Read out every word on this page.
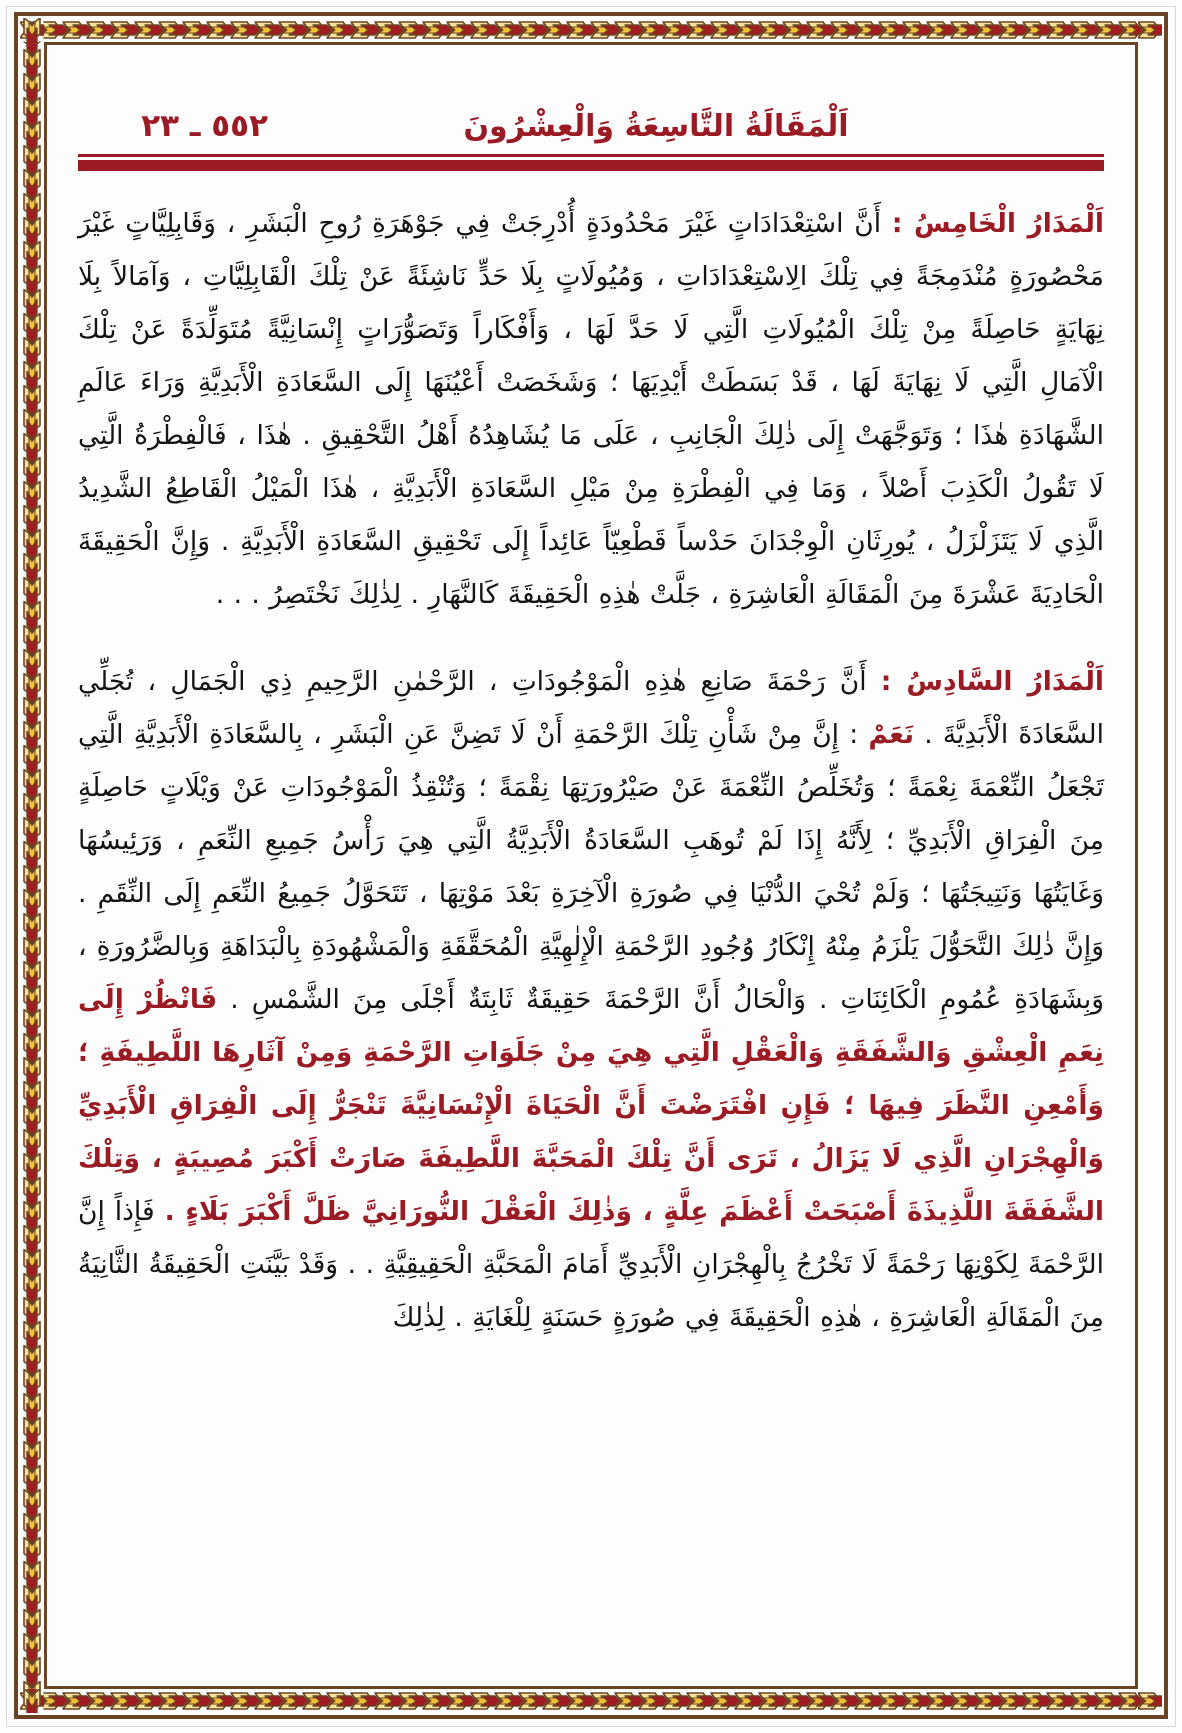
٥٥٢ ـ ٢٣	اَلْمَقَالَةُ التَّاسِعَةُ وَالْعِشْرُونَ

اَلْمَدَارُ الْخَامِسُ : أَنَّ اسْتِعْدَادَاتٍ غَيْرَ مَحْدُودَةٍ أُدْرِجَتْ فِي جَوْهَرَةِ رُوحِ الْبَشَرِ ، وَقَابِلِيَّاتٍ غَيْرَ مَحْصُورَةٍ مُنْدَمِجَةً فِي تِلْكَ الِاسْتِعْدَادَاتِ ، وَمُيُولَاتٍ بِلَا حَدٍّ نَاشِئَةً عَنْ تِلْكَ الْقَابِلِيَّاتِ ، وَآمَالاً بِلَا نِهَايَةٍ حَاصِلَةً مِنْ تِلْكَ الْمُيُولَاتِ الَّتِي لَا حَدَّ لَهَا ، وَأَفْكَاراً وَتَصَوُّرَاتٍ إِنْسَانِيَّةً مُتَوَلِّدَةً عَنْ تِلْكَ الْآمَالِ الَّتِي لَا نِهَايَةَ لَهَا ، قَدْ بَسَطَتْ أَيْدِيَهَا ؛ وَشَخَصَتْ أَعْيُنَهَا إِلَى السَّعَادَةِ الْأَبَدِيَّةِ وَرَاءَ عَالَمِ الشَّهَادَةِ هٰذَا ؛ وَتَوَجَّهَتْ إِلَى ذٰلِكَ الْجَانِبِ ، عَلَى مَا يُشَاهِدُهُ أَهْلُ التَّحْقِيقِ . هٰذَا ، فَالْفِطْرَةُ الَّتِي لَا تَقُولُ الْكَذِبَ أَصْلاً ، وَمَا فِي الْفِطْرَةِ مِنْ مَيْلِ السَّعَادَةِ الْأَبَدِيَّةِ ، هٰذَا الْمَيْلُ الْقَاطِعُ الشَّدِيدُ الَّذِي لَا يَتَزَلْزَلُ ، يُورِثَانِ الْوِجْدَانَ حَدْساً قَطْعِيّاً عَائِداً إِلَى تَحْقِيقِ السَّعَادَةِ الْأَبَدِيَّةِ . وَإِنَّ الْحَقِيقَةَ الْحَادِيَةَ عَشْرَةَ مِنَ الْمَقَالَةِ الْعَاشِرَةِ ، جَلَّتْ هٰذِهِ الْحَقِيقَةَ كَالنَّهَارِ . لِذٰلِكَ نَخْتَصِرُ . . .

اَلْمَدَارُ السَّادِسُ : أَنَّ رَحْمَةَ صَانِعِ هٰذِهِ الْمَوْجُودَاتِ ، الرَّحْمٰنِ الرَّحِيمِ ذِي الْجَمَالِ ، تُجَلِّي السَّعَادَةَ الْأَبَدِيَّةَ . نَعَمْ : إِنَّ مِنْ شَأْنِ تِلْكَ الرَّحْمَةِ أَنْ لَا تَضِنَّ عَنِ الْبَشَرِ ، بِالسَّعَادَةِ الْأَبَدِيَّةِ الَّتِي تَجْعَلُ النِّعْمَةَ نِعْمَةً ؛ وَتُخَلِّصُ النِّعْمَةَ عَنْ صَيْرُورَتِهَا نِقْمَةً ؛ وَتُنْقِذُ الْمَوْجُودَاتِ عَنْ وَيْلَاتٍ حَاصِلَةٍ مِنَ الْفِرَاقِ الْأَبَدِيِّ ؛ لِأَنَّهُ إِذَا لَمْ تُوهَبِ السَّعَادَةُ الْأَبَدِيَّةُ الَّتِي هِيَ رَأْسُ جَمِيعِ النِّعَمِ ، وَرَئِيسُهَا وَغَايَتُهَا وَنَتِيجَتُهَا ؛ وَلَمْ تُحْيَ الدُّنْيَا فِي صُورَةِ الْآخِرَةِ بَعْدَ مَوْتِهَا ، تَتَحَوَّلُ جَمِيعُ النِّعَمِ إِلَى النِّقَمِ . وَإِنَّ ذٰلِكَ التَّحَوُّلَ يَلْزَمُ مِنْهُ إِنْكَارُ وُجُودِ الرَّحْمَةِ الْإِلٰهِيَّةِ الْمُحَقَّقَةِ وَالْمَشْهُودَةِ بِالْبَدَاهَةِ وَبِالضَّرُورَةِ ، وَبِشَهَادَةِ عُمُومِ الْكَائِنَاتِ . وَالْحَالُ أَنَّ الرَّحْمَةَ حَقِيقَةٌ ثَابِتَةٌ أَجْلَى مِنَ الشَّمْسِ . فَانْظُرْ إِلَى نِعَمِ الْعِشْقِ وَالشَّفَقَةِ وَالْعَقْلِ الَّتِي هِيَ مِنْ جَلَوَاتِ الرَّحْمَةِ وَمِنْ آثَارِهَا اللَّطِيفَةِ ؛ وَأَمْعِنِ النَّظَرَ فِيهَا ؛ فَإِنِ افْتَرَضْتَ أَنَّ الْحَيَاةَ الْإِنْسَانِيَّةَ تَنْجَرُّ إِلَى الْفِرَاقِ الْأَبَدِيِّ وَالْهِجْرَانِ الَّذِي لَا يَزَالُ ، تَرَى أَنَّ تِلْكَ الْمَحَبَّةَ اللَّطِيفَةَ صَارَتْ أَكْبَرَ مُصِيبَةٍ ، وَتِلْكَ الشَّفَقَةَ اللَّذِيذَةَ أَصْبَحَتْ أَعْظَمَ عِلَّةٍ ، وَذٰلِكَ الْعَقْلَ النُّورَانِيَّ ظَلَّ أَكْبَرَ بَلَاءٍ . فَإِذاً إِنَّ الرَّحْمَةَ لِكَوْنِهَا رَحْمَةً لَا تَخْرُجُ بِالْهِجْرَانِ الْأَبَدِيِّ أَمَامَ الْمَحَبَّةِ الْحَقِيقِيَّةِ . . وَقَدْ بَيَّنَتِ الْحَقِيقَةُ الثَّانِيَةُ مِنَ الْمَقَالَةِ الْعَاشِرَةِ ، هٰذِهِ الْحَقِيقَةَ فِي صُورَةٍ حَسَنَةٍ لِلْغَايَةِ . لِذٰلِكَ
